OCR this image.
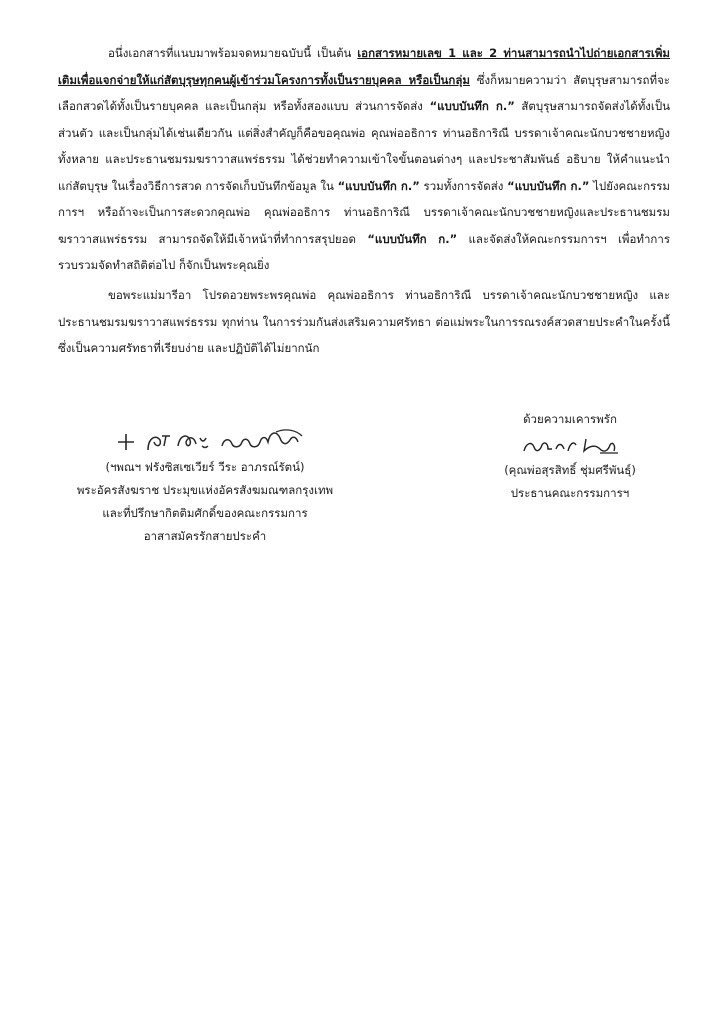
อนึ่งเอกสารที่แนบมาพร้อมจดหมายฉบับนี้ เป็นต้น เอกสารหมายเลข 1 และ 2 ท่านสามารถนำไปถ่ายเอกสารเพิ่มเติมเพื่อแจกจ่ายให้แก่สัตบุรุษทุกคนผู้เข้าร่วมโครงการทั้งเป็นรายบุคคล หรือเป็นกลุ่ม ซึ่งก็หมายความว่า สัตบุรุษสามารถที่จะเลือกสวดได้ทั้งเป็นรายบุคคล และเป็นกลุ่ม หรือทั้งสองแบบ ส่วนการจัดส่ง “แบบบันทึก ก.” สัตบุรุษสามารถจัดส่งได้ทั้งเป็นส่วนตัว และเป็นกลุ่มได้เช่นเดียวกัน แต่สิ่งสำคัญก็คือขอคุณพ่อ คุณพ่ออธิการ ท่านอธิการิณี บรรดาเจ้าคณะนักบวชชายหญิงทั้งหลาย และประธานชมรมฆราวาสแพร่ธรรม ได้ช่วยทำความเข้าใจขั้นตอนต่างๆ และประชาสัมพันธ์ อธิบาย ให้คำแนะนำแก่สัตบุรุษ ในเรื่องวิธีการสวด การจัดเก็บบันทึกข้อมูล ใน “แบบบันทึก ก.” รวมทั้งการจัดส่ง “แบบบันทึก ก.” ไปยังคณะกรรมการฯ หรือถ้าจะเป็นการสะดวกคุณพ่อ คุณพ่ออธิการ ท่านอธิการิณี บรรดาเจ้าคณะนักบวชชายหญิงและประธานชมรมฆราวาสแพร่ธรรม สามารถจัดให้มีเจ้าหน้าที่ทำการสรุปยอด “แบบบันทึก ก.” และจัดส่งให้คณะกรรมการฯ เพื่อทำการรวบรวมจัดทำสถิติต่อไป ก็จักเป็นพระคุณยิ่ง

ขอพระแม่มารีอา โปรดอวยพระพรคุณพ่อ คุณพ่ออธิการ ท่านอธิการิณี บรรดาเจ้าคณะนักบวชชายหญิง และประธานชมรมฆราวาสแพร่ธรรม ทุกท่าน ในการร่วมกันส่งเสริมความศรัทธา ต่อแม่พระในการรณรงค์สวดสายประคำในครั้งนี้ ซึ่งเป็นความศรัทธาที่เรียบง่าย และปฏิบัติได้ไม่ยากนัก

ด้วยความเคารพรัก
(คุณพ่อสุรสิทธิ์ ชุ่มศรีพันธุ์)
ประธานคณะกรรมการฯ
(ฯพณฯ ฟรังซิสเซเวียร์ วีระ อาภรณ์รัตน์)
พระอัครสังฆราช ประมุขแห่งอัครสังฆมณฑลกรุงเทพ
และที่ปรึกษากิตติมศักดิ์ของคณะกรรมการ
อาสาสมัครรักสายประคำ
